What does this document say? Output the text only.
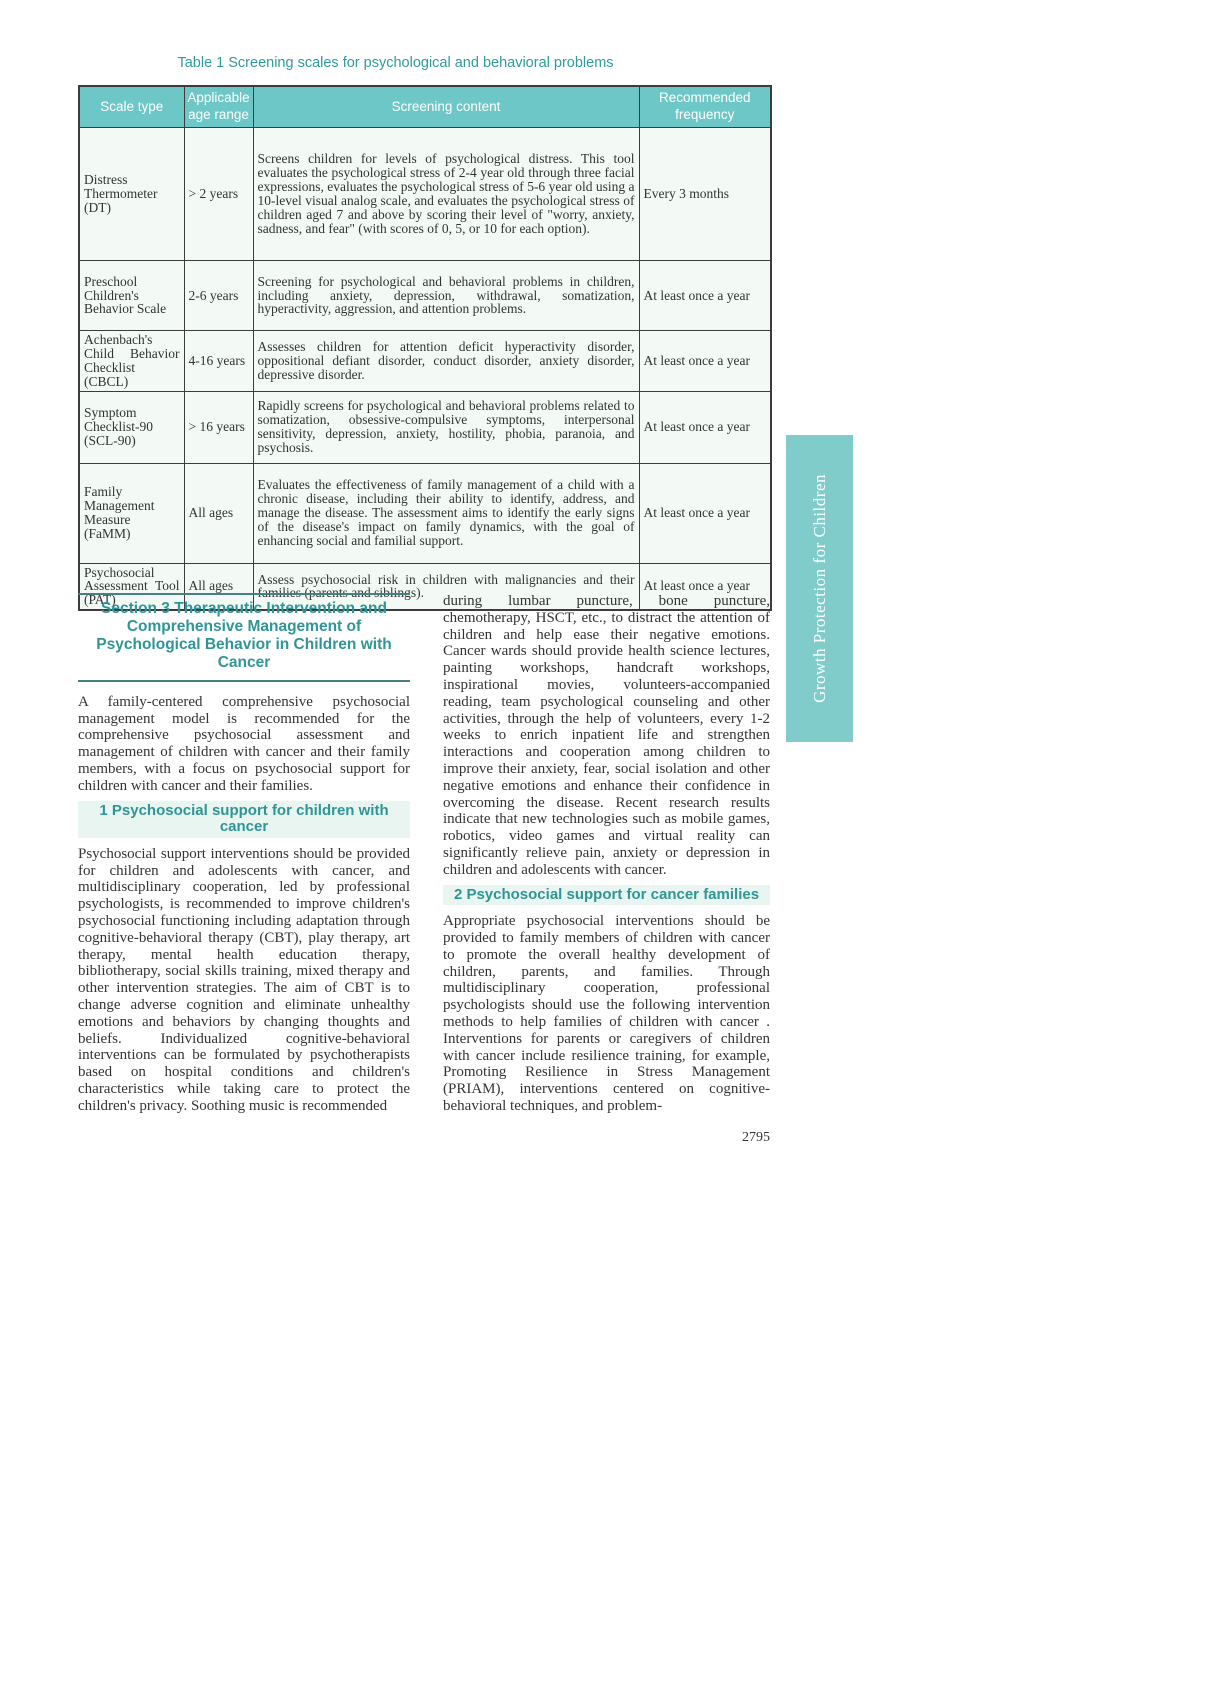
Table 1 Screening scales for psychological and behavioral problems
Scale type	Applicable age range	Screening content	Recommended frequency
Distress Thermometer (DT)	> 2 years	Screens children for levels of psychological distress. This tool evaluates the psychological stress of 2-4 year old through three facial expressions, evaluates the psychological stress of 5-6 year old using a 10-level visual analog scale, and evaluates the psychological stress of children aged 7 and above by scoring their level of "worry, anxiety, sadness, and fear" (with scores of 0, 5, or 10 for each option).	Every 3 months
Preschool Children's Behavior Scale	2-6 years	Screening for psychological and behavioral problems in children, including anxiety, depression, withdrawal, somatization, hyperactivity, aggression, and attention problems.	At least once a year
Achenbach's Child Behavior Checklist (CBCL)	4-16 years	Assesses children for attention deficit hyperactivity disorder, oppositional defiant disorder, conduct disorder, anxiety disorder, depressive disorder.	At least once a year
Symptom Checklist-90 (SCL-90)	> 16 years	Rapidly screens for psychological and behavioral problems related to somatization, obsessive-compulsive symptoms, interpersonal sensitivity, depression, anxiety, hostility, phobia, paranoia, and psychosis.	At least once a year
Family Management Measure (FaMM)	All ages	Evaluates the effectiveness of family management of a child with a chronic disease, including their ability to identify, address, and manage the disease. The assessment aims to identify the early signs of the disease's impact on family dynamics, with the goal of enhancing social and familial support.	At least once a year
Psychosocial Assessment Tool (PAT)	All ages	Assess psychosocial risk in children with malignancies and their families (parents and siblings).	At least once a year
Section 3 Therapeutic Intervention and Comprehensive Management of Psychological Behavior in Children with Cancer

A family-centered comprehensive psychosocial management model is recommended for the comprehensive psychosocial assessment and management of children with cancer and their family members, with a focus on psychosocial support for children with cancer and their families.

1 Psychosocial support for children with cancer

Psychosocial support interventions should be provided for children and adolescents with cancer, and multidisciplinary cooperation, led by professional psychologists, is recommended to improve children's psychosocial functioning including adaptation through cognitive-behavioral therapy (CBT), play therapy, art therapy, mental health education therapy, bibliotherapy, social skills training, mixed therapy and other intervention strategies. The aim of CBT is to change adverse cognition and eliminate unhealthy emotions and behaviors by changing thoughts and beliefs. Individualized cognitive-behavioral interventions can be formulated by psychotherapists based on hospital conditions and children's characteristics while taking care to protect the children's privacy. Soothing music is recommended

during lumbar puncture, bone puncture, chemotherapy, HSCT, etc., to distract the attention of children and help ease their negative emotions. Cancer wards should provide health science lectures, painting workshops, handcraft workshops, inspirational movies, volunteers-accompanied reading, team psychological counseling and other activities, through the help of volunteers, every 1-2 weeks to enrich inpatient life and strengthen interactions and cooperation among children to improve their anxiety, fear, social isolation and other negative emotions and enhance their confidence in overcoming the disease. Recent research results indicate that new technologies such as mobile games, robotics, video games and virtual reality can significantly relieve pain, anxiety or depression in children and adolescents with cancer.

2 Psychosocial support for cancer families

Appropriate psychosocial interventions should be provided to family members of children with cancer to promote the overall healthy development of children, parents, and families. Through multidisciplinary cooperation, professional psychologists should use the following intervention methods to help families of children with cancer . Interventions for parents or caregivers of children with cancer include resilience training, for example, Promoting Resilience in Stress Management (PRIAM), interventions centered on cognitive-behavioral techniques, and problem-

2795
Growth Protection for Children
